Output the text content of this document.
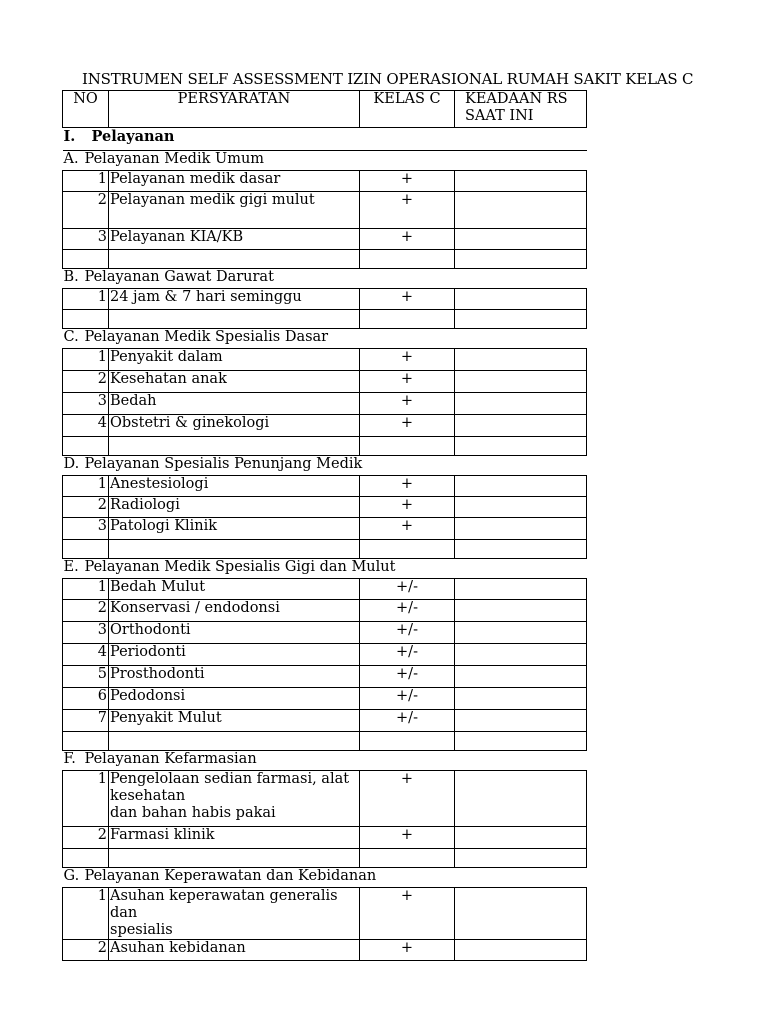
INSTRUMEN SELF ASSESSMENT IZIN OPERASIONAL RUMAH SAKIT KELAS C
NO	PERSYARATAN	KELAS C	KEADAAN RS
SAAT INI
I. Pelayanan			
A. Pelayanan Medik Umum			
1	Pelayanan medik dasar	+	
2	Pelayanan medik gigi mulut	+	
3	Pelayanan KIA/KB	+	

B. Pelayanan Gawat Darurat			
1	24 jam & 7 hari seminggu	+	

C. Pelayanan Medik Spesialis Dasar			
1	Penyakit dalam	+	
2	Kesehatan anak	+	
3	Bedah	+	
4	Obstetri & ginekologi	+	

D. Pelayanan Spesialis Penunjang Medik			
1	Anestesiologi	+	
2	Radiologi	+	
3	Patologi Klinik	+	

E. Pelayanan Medik Spesialis Gigi dan Mulut			
1	Bedah Mulut	+/-	
2	Konservasi / endodonsi	+/-	
3	Orthodonti	+/-	
4	Periodonti	+/-	
5	Prosthodonti	+/-	
6	Pedodonsi	+/-	
7	Penyakit Mulut	+/-	

F. Pelayanan Kefarmasian			
1	Pengelolaan sedian farmasi, alat
kesehatan
dan bahan habis pakai	+	
2	Farmasi klinik	+	

G. Pelayanan Keperawatan dan Kebidanan			
1	Asuhan keperawatan generalis dan
spesialis	+	
2	Asuhan kebidanan	+	
